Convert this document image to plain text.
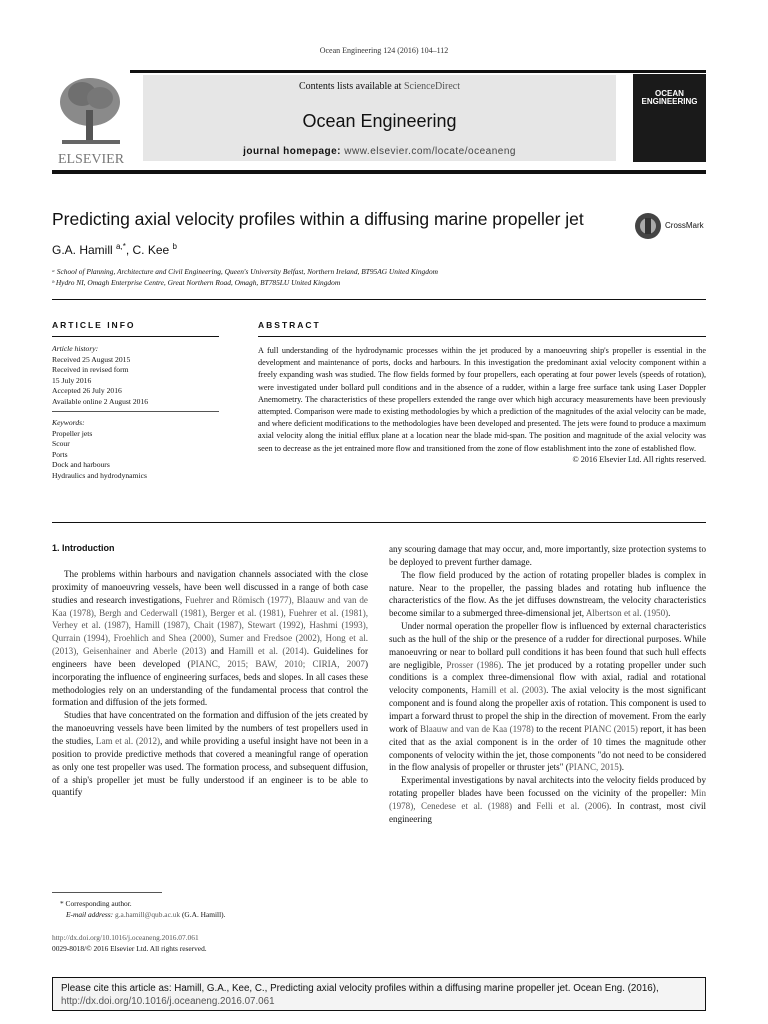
Ocean Engineering 124 (2016) 104–112
ELSEVIER
Contents lists available at ScienceDirect
Ocean Engineering
journal homepage: www.elsevier.com/locate/oceaneng
OCEAN
ENGINEERING
Predicting axial velocity profiles within a diffusing marine propeller jet	CrossMark
G.A. Hamill $^{a,*}$, C. Kee $^b$
ᵃ School of Planning, Architecture and Civil Engineering, Queen's University Belfast, Northern Ireland, BT95AG United Kingdom
ᵇ Hydro NI, Omagh Enterprise Centre, Great Northern Road, Omagh, BT785LU United Kingdom
ARTICLE INFO
Article history:
Received 25 August 2015
Received in revised form
15 July 2016
Accepted 26 July 2016
Available online 2 August 2016
Keywords:
Propeller jets
Scour
Ports
Dock and harbours
Hydraulics and hydrodynamics
ABSTRACT

A full understanding of the hydrodynamic processes within the jet produced by a manoeuvring ship's propeller is essential in the development and maintenance of ports, docks and harbours. In this investigation the predominant axial velocity component within a freely expanding wash was studied. The flow fields formed by four propellers, each operating at four power levels (speeds of rotation), were investigated under bollard pull conditions and in the absence of a rudder, within a large free surface tank using Laser Doppler Anemometry. The characteristics of these propellers extended the range over which high accuracy measurements have been previously attempted. Comparison were made to existing methodologies by which a prediction of the magnitudes of the axial velocity can be made, and where deficient modifications to the methodologies have been developed and presented. The jets were found to produce a maximum axial velocity along the initial efflux plane at a location near the blade mid-span. The position and magnitude of the axial velocity was seen to decrease as the jet entrained more flow and transitioned from the zone of flow establishment into the zone of established flow.

© 2016 Elsevier Ltd. All rights reserved.
1. Introduction

The problems within harbours and navigation channels associated with the close proximity of manoeuvring vessels, have been well discussed in a range of both case studies and research investigations, Fuehrer and Römisch (1977), Blaauw and van de Kaa (1978), Bergh and Cederwall (1981), Berger et al. (1981), Fuehrer et al. (1981), Verhey et al. (1987), Hamill (1987), Chait (1987), Stewart (1992), Hashmi (1993), Qurrain (1994), Froehlich and Shea (2000), Sumer and Fredsoe (2002), Hong et al. (2013), Geisenhainer and Aberle (2013) and Hamill et al. (2014). Guidelines for engineers have been developed (PIANC, 2015; BAW, 2010; CIRIA, 2007) incorporating the influence of engineering surfaces, beds and slopes. In all cases these methodologies rely on an understanding of the fundamental process that control the formation and diffusion of the jets formed.

Studies that have concentrated on the formation and diffusion of the jets created by the manoeuvring vessels have been limited by the numbers of test propellers used in the studies, Lam et al. (2012), and while providing a useful insight have not been in a position to provide predictive methods that covered a meaningful range of operation as only one test propeller was used. The formation process, and subsequent diffusion, of a ship's propeller jet must be fully understood if an engineer is to be able to quantify

any scouring damage that may occur, and, more importantly, size protection systems to be deployed to prevent further damage.

The flow field produced by the action of rotating propeller blades is complex in nature. Near to the propeller, the passing blades and rotating hub influence the characteristics of the flow. As the jet diffuses downstream, the velocity characteristics become similar to a submerged three-dimensional jet, Albertson et al. (1950).

Under normal operation the propeller flow is influenced by external characteristics such as the hull of the ship or the presence of a rudder for directional purposes. While manoeuvring or near to bollard pull conditions it has been found that such hull effects are negligible, Prosser (1986). The jet produced by a rotating propeller under such conditions is a complex three-dimensional flow with axial, radial and rotational velocity components, Hamill et al. (2003). The axial velocity is the most significant component and is found along the propeller axis of rotation. This component is used to impart a forward thrust to propel the ship in the direction of movement. From the early work of Blaauw and van de Kaa (1978) to the recent PIANC (2015) report, it has been cited that as the axial component is in the order of 10 times the magnitude other components of velocity within the jet, those components "do not need to be considered in the flow analysis of propeller or thruster jets" (PIANC, 2015).

Experimental investigations by naval architects into the velocity fields produced by rotating propeller blades have been focussed on the vicinity of the propeller: Min (1978), Cenedese et al. (1988) and Felli et al. (2006). In contrast, most civil engineering

* Corresponding author.
E-mail address: g.a.hamill@qub.ac.uk (G.A. Hamill).
http://dx.doi.org/10.1016/j.oceaneng.2016.07.061
0029-8018/© 2016 Elsevier Ltd. All rights reserved.
Please cite this article as: Hamill, G.A., Kee, C., Predicting axial velocity profiles within a diffusing marine propeller jet. Ocean Eng. (2016), http://dx.doi.org/10.1016/j.oceaneng.2016.07.061
